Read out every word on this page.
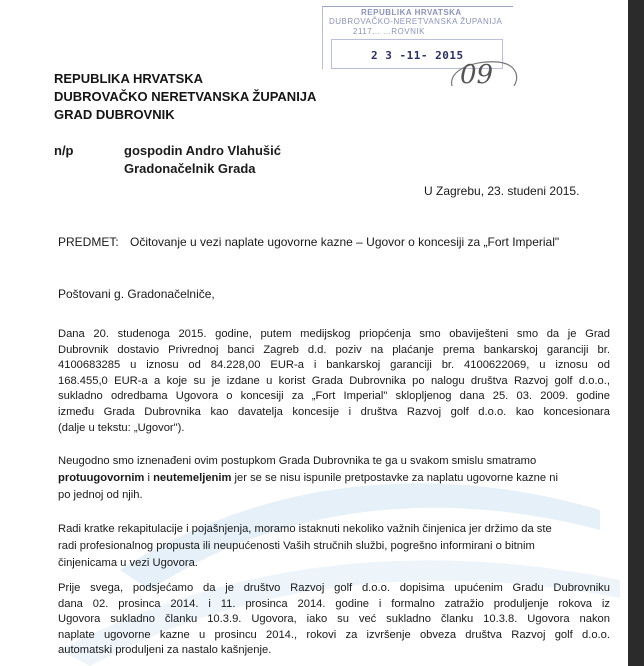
REPUBLIKA HRVATSKA
DUBROVAČKO-NERETVANSKA ŽUPANIJA
2117... ...ROVNIK
2 3 -11- 2015
09
REPUBLIKA HRVATSKA
DUBROVAČKO NERETVANSKA ŽUPANIJA
GRAD DUBROVNIK
n/p	gospodin Andro Vlahušić
Gradonačelnik Grada
U Zagrebu, 23. studeni 2015.
PREDMET: Očitovanje u vezi naplate ugovorne kazne – Ugovor o koncesiji za „Fort Imperial"
Poštovani g. Gradonačelniče,
Dana 20. studenoga 2015. godine, putem medijskog priopćenja smo obaviješteni smo da je Grad
Dubrovnik dostavio Privrednoj banci Zagreb d.d. poziv na plaćanje prema bankarskoj garanciji br.
4100683285 u iznosu od 84.228,00 EUR-a i bankarskoj garanciji br. 4100622069, u iznosu od
168.455,0 EUR-a a koje su je izdane u korist Grada Dubrovnika po nalogu društva Razvoj golf d.o.o.,
sukladno odredbama Ugovora o koncesiji za „Fort Imperial" sklopljenog dana 25. 03. 2009. godine
između Grada Dubrovnika kao davatelja koncesije i društva Razvoj golf d.o.o. kao koncesionara
(dalje u tekstu: „Ugovor").
Neugodno smo iznenađeni ovim postupkom Grada Dubrovnika te ga u svakom smislu smatramo
protuugovornim i neutemeljenim jer se se nisu ispunile pretpostavke za naplatu ugovorne kazne ni
po jednoj od njih.
Radi kratke rekapitulacije i pojašnjenja, moramo istaknuti nekoliko važnih činjenica jer držimo da ste
radi profesionalnog propusta ili neupućenosti Vaših stručnih službi, pogrešno informirani o bitnim
činjenicama u vezi Ugovora.
Prije svega, podsjećamo da je društvo Razvoj golf d.o.o. dopisima upućenim Gradu Dubrovniku
dana 02. prosinca 2014. i 11. prosinca 2014. godine i formalno zatražio produljenje rokova iz
Ugovora sukladno članku 10.3.9. Ugovora, iako su već sukladno članku 10.3.8. Ugovora nakon
naplate ugovorne kazne u prosincu 2014., rokovi za izvršenje obveza društva Razvoj golf d.o.o.
automatski produljeni za nastalo kašnjenje.
